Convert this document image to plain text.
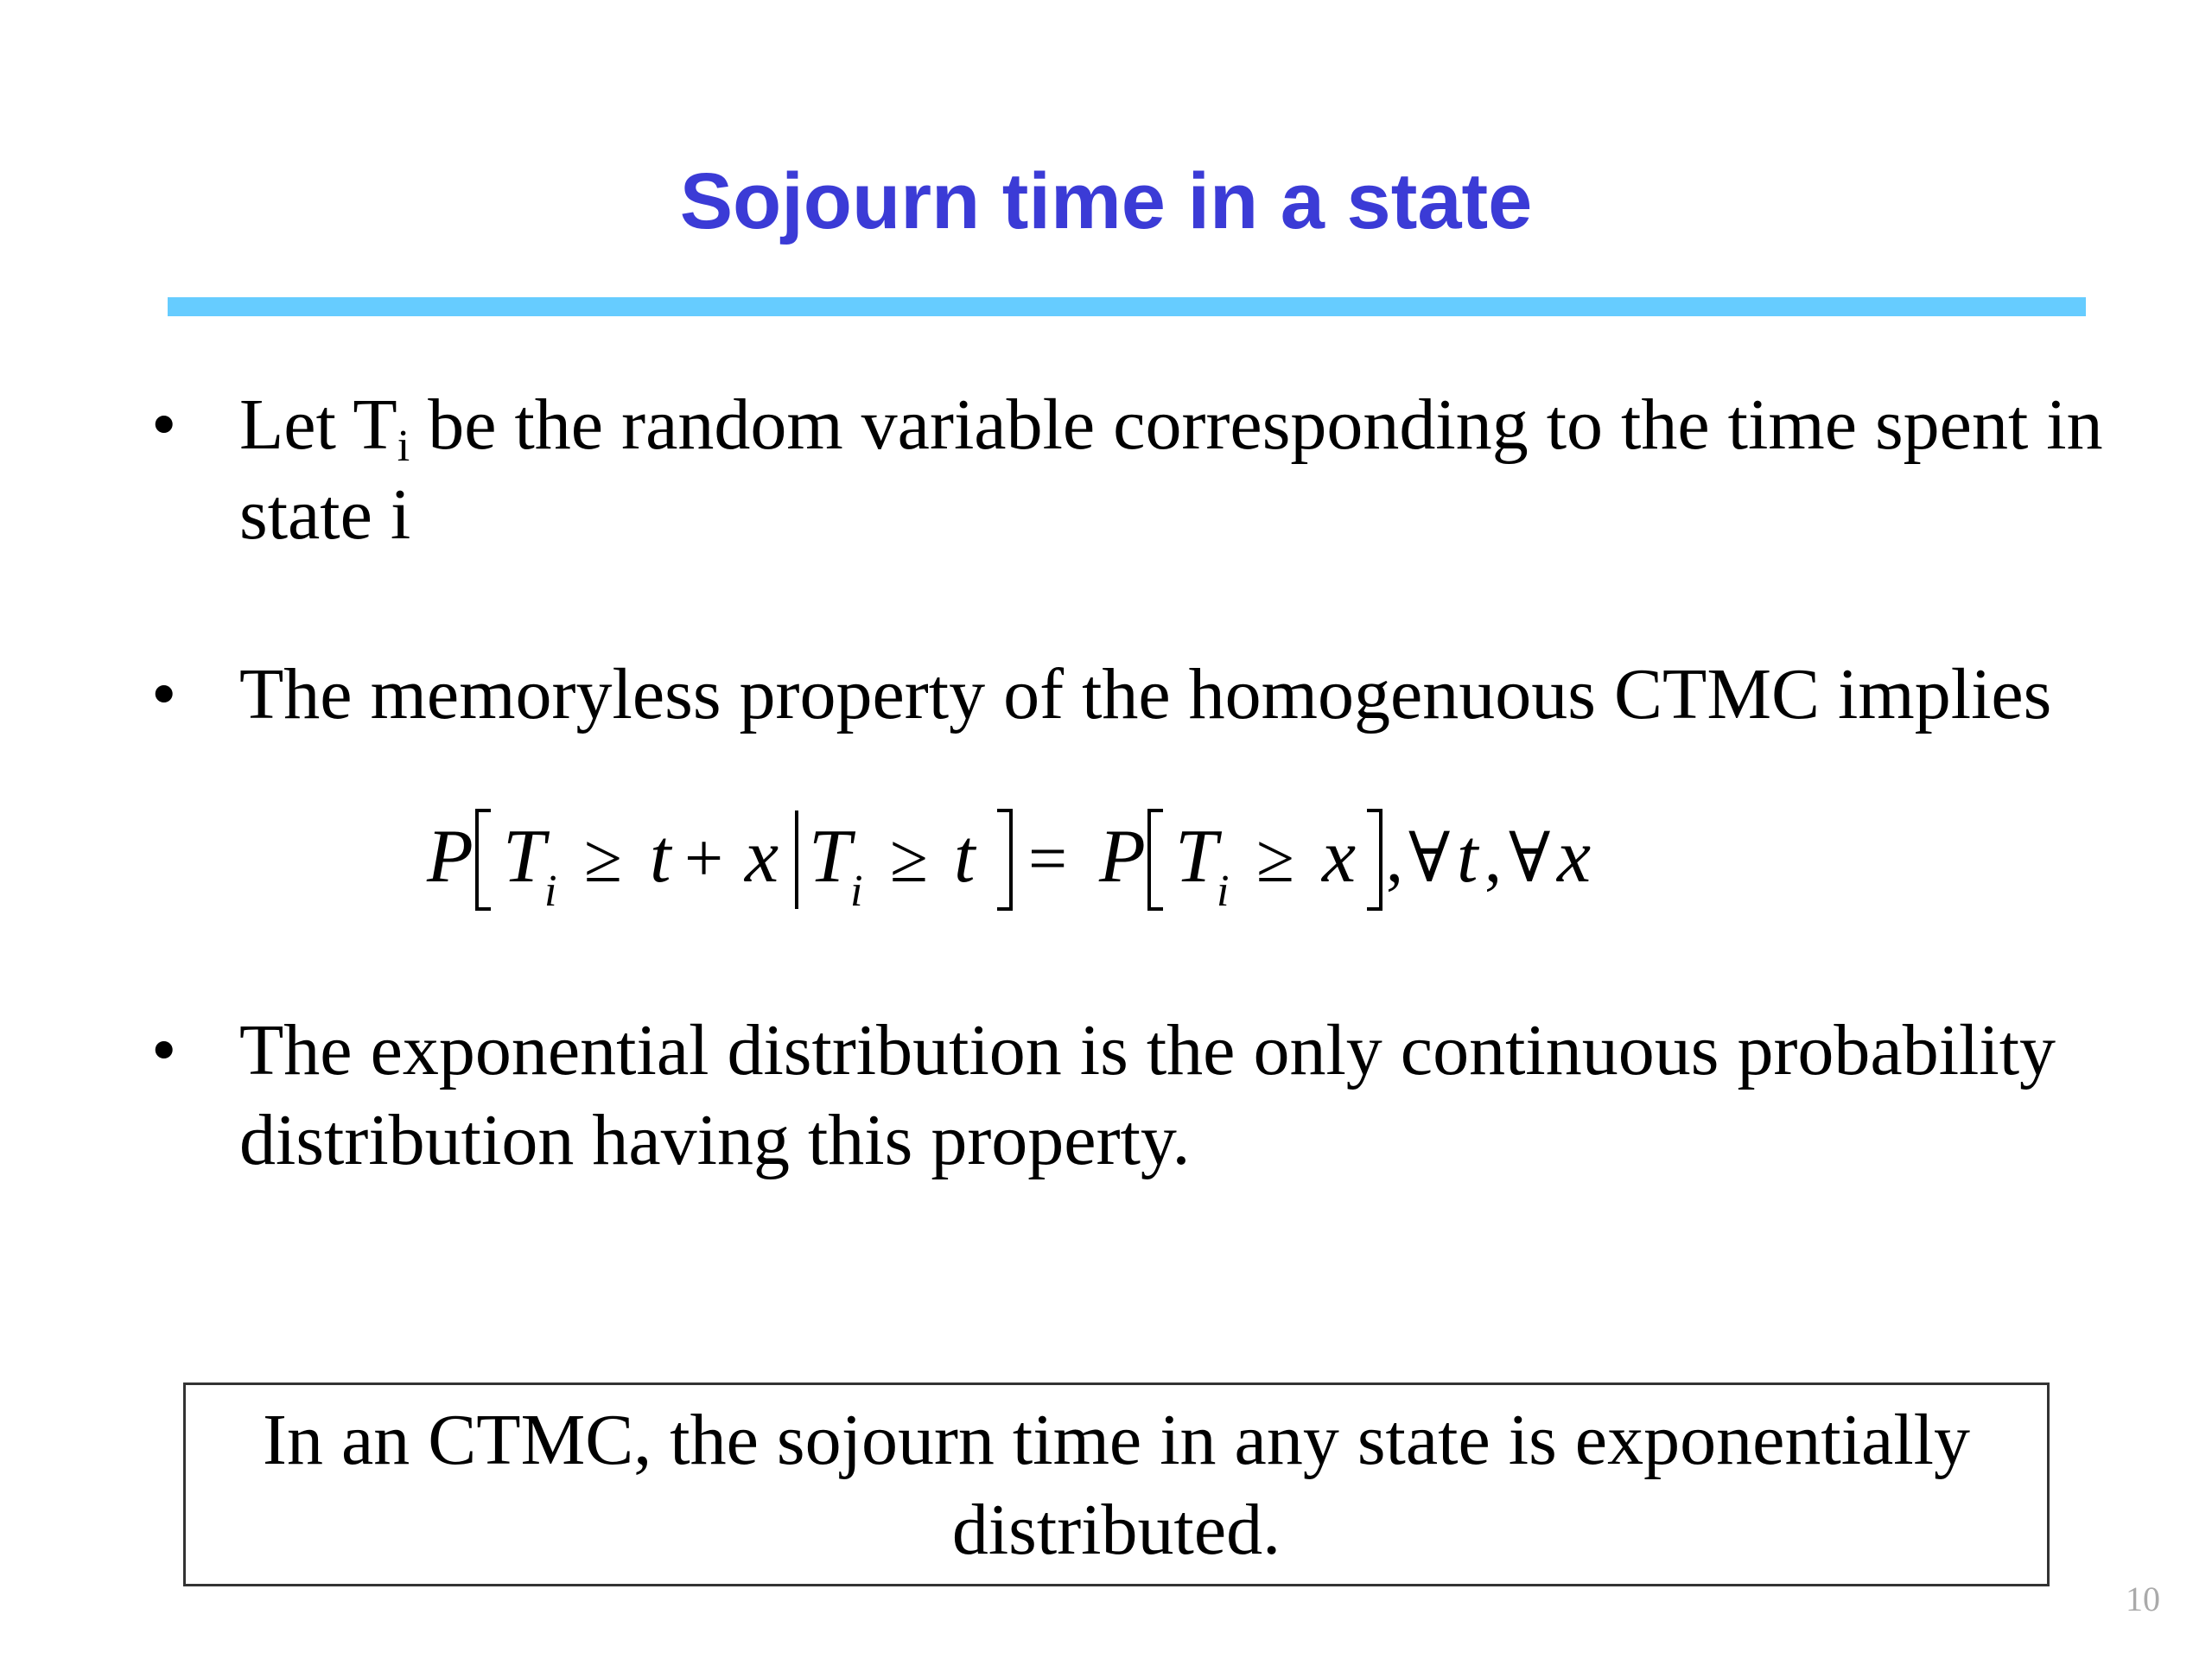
Sojourn time in a state
• Let $T_i$ be the random variable corresponding to the time spent in state i
• The memoryless property of the homogenuous CTMC implies
P T i ≥ t + x T i ≥ t = P T i ≥ x , ∀ t , ∀ x
• The exponential distribution is the only continuous probability distribution having this property.
In an CTMC, the sojourn time in any state is exponentially distributed.
10
